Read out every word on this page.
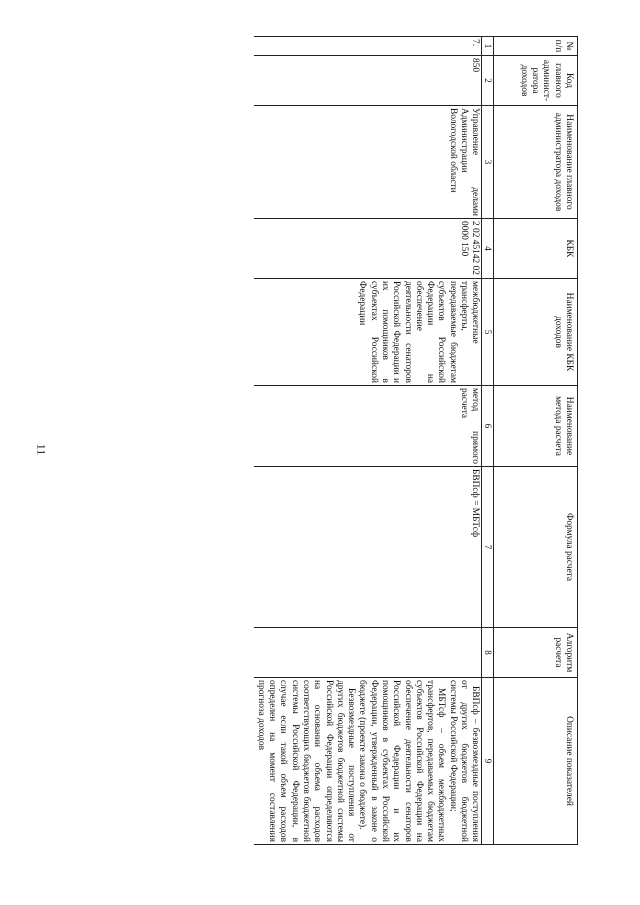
11
№ п/п	Код главного админист-ратора доходов	Наименование главного администратора доходов	КБК	Наименование КБК доходов	Наименование метода расчета	Формула расчета	Алгоритм расчета	Описание показателей
1	2	3	4	5	6	7	8	9
7.	850	Управление делами Администрации Вологодской области	2 02 45142 02 0000 150	межбюджетные трансферты, передаваемые бюджетам субъектов Российской Федерации на обеспечение деятельности сенаторов Российской Федерации и их помощников в субъектах Российской Федерации	метод прямого расчета	БВПсф = МБТсф		БВПсф – безвозмездные поступления от других бюджетов бюджетной системы Российской Федерации;

МБТсф – объем межбюджетных трансфертов, передаваемых бюджетам субъектов Российской Федерации на обеспечение деятельности сенаторов Российской Федерации и их помощников в субъектах Российской Федерации, утвержденный в законе о бюджете (проекте закона о бюджете).

Безвозмездные поступления от других бюджетов бюджетной системы Российской Федерации определяются на основании объема расходов соответствующих бюджетов бюджетной системы Российской Федерации, в случае если такой объем расходов определен на момент составления прогноза доходов
